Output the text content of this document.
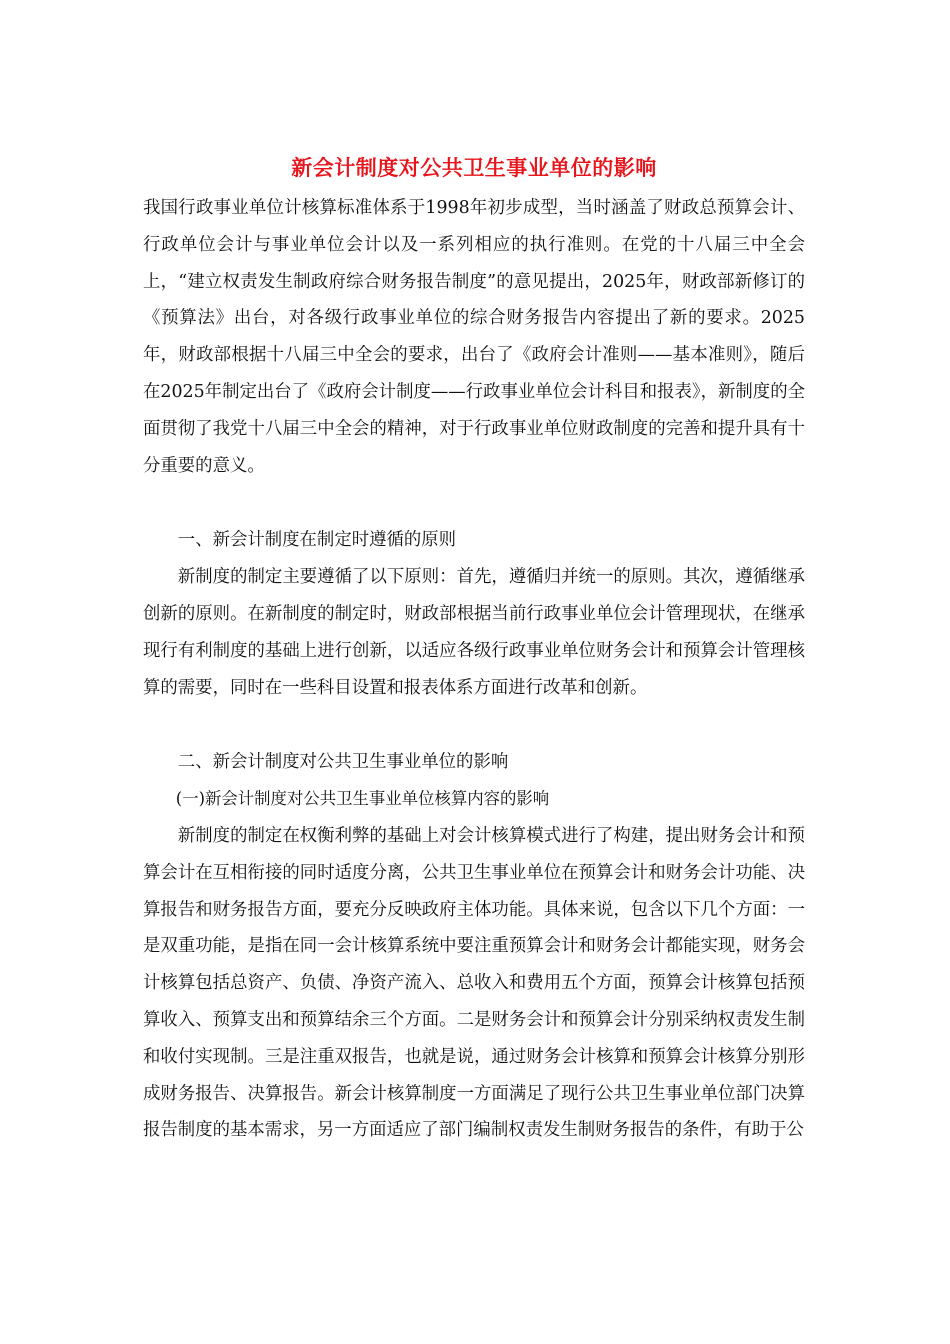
新会计制度对公共卫生事业单位的影响

我国行政事业单位计核算标准体系于1998年初步成型，当时涵盖了财政总预算会计、行政单位会计与事业单位会计以及一系列相应的执行准则。在党的十八届三中全会上，“建立权责发生制政府综合财务报告制度”的意见提出，2025年，财政部新修订的《预算法》出台，对各级行政事业单位的综合财务报告内容提出了新的要求。2025年，财政部根据十八届三中全会的要求，出台了《政府会计准则——基本准则》，随后在2025年制定出台了《政府会计制度——行政事业单位会计科目和报表》，新制度的全面贯彻了我党十八届三中全会的精神，对于行政事业单位财政制度的完善和提升具有十分重要的意义。

一、新会计制度在制定时遵循的原则

新制度的制定主要遵循了以下原则：首先，遵循归并统一的原则。其次，遵循继承创新的原则。在新制度的制定时，财政部根据当前行政事业单位会计管理现状，在继承现行有利制度的基础上进行创新，以适应各级行政事业单位财务会计和预算会计管理核算的需要，同时在一些科目设置和报表体系方面进行改革和创新。

二、新会计制度对公共卫生事业单位的影响

(一)新会计制度对公共卫生事业单位核算内容的影响

新制度的制定在权衡利弊的基础上对会计核算模式进行了构建，提出财务会计和预算会计在互相衔接的同时适度分离，公共卫生事业单位在预算会计和财务会计功能、决算报告和财务报告方面，要充分反映政府主体功能。具体来说，包含以下几个方面：一是双重功能，是指在同一会计核算系统中要注重预算会计和财务会计都能实现，财务会计核算包括总资产、负债、净资产流入、总收入和费用五个方面，预算会计核算包括预算收入、预算支出和预算结余三个方面。二是财务会计和预算会计分别采纳权责发生制和收付实现制。三是注重双报告，也就是说，通过财务会计核算和预算会计核算分别形成财务报告、决算报告。新会计核算制度一方面满足了现行公共卫生事业单位部门决算报告制度的基本需求，另一方面适应了部门编制权责发生制财务报告的条件，有助于公
